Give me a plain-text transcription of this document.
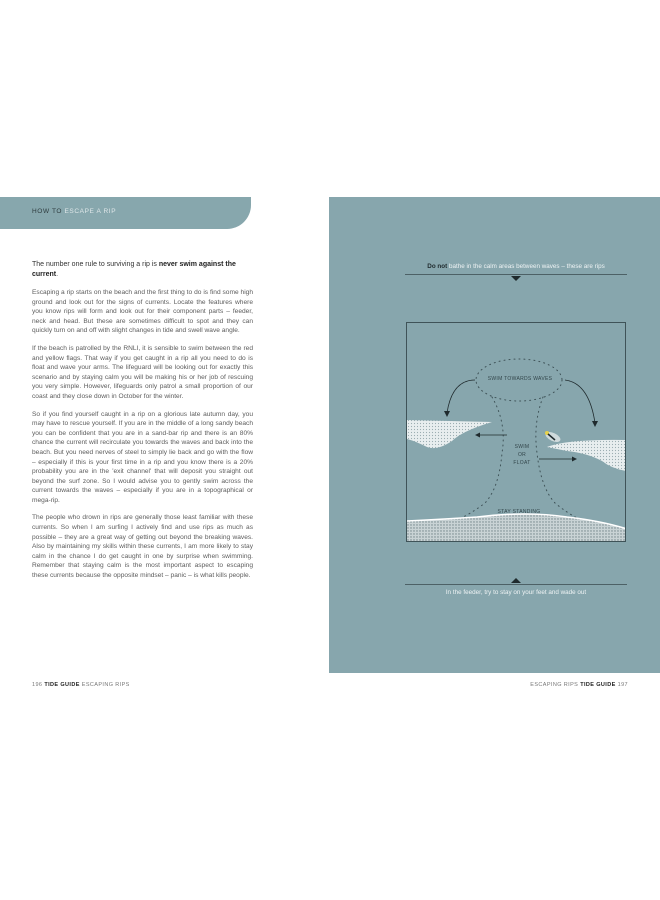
HOW TO ESCAPE A RIP

The number one rule to surviving a rip is never swim against the current.

Escaping a rip starts on the beach and the first thing to do is find some high ground and look out for the signs of currents. Locate the features where you know rips will form and look out for their component parts – feeder, neck and head. But these are sometimes difficult to spot and they can quickly turn on and off with slight changes in tide and swell wave angle.

If the beach is patrolled by the RNLI, it is sensible to swim between the red and yellow flags. That way if you get caught in a rip all you need to do is float and wave your arms. The lifeguard will be looking out for exactly this scenario and by staying calm you will be making his or her job of rescuing you very simple. However, lifeguards only patrol a small proportion of our coast and they close down in October for the winter.

So if you find yourself caught in a rip on a glorious late autumn day, you may have to rescue yourself. If you are in the middle of a long sandy beach you can be confident that you are in a sand-bar rip and there is an 80% chance the current will recirculate you towards the waves and back into the beach. But you need nerves of steel to simply lie back and go with the flow – especially if this is your first time in a rip and you know there is a 20% probability you are in the 'exit channel' that will deposit you straight out beyond the surf zone. So I would advise you to gently swim across the current towards the waves – especially if you are in a topographical or mega-rip.

The people who drown in rips are generally those least familiar with these currents. So when I am surfing I actively find and use rips as much as possible – they are a great way of getting out beyond the breaking waves. Also by maintaining my skills within these currents, I am more likely to stay calm in the chance I do get caught in one by surprise when swimming. Remember that staying calm is the most important aspect to escaping these currents because the opposite mindset – panic – is what kills people.

196 TIDE GUIDE ESCAPING RIPS
Do not bathe in the calm areas between waves – these are rips
SWIM TOWARDS WAVES
SWIM
OR
FLOAT
STAY STANDING
In the feeder, try to stay on your feet and wade out
ESCAPING RIPS TIDE GUIDE 197
